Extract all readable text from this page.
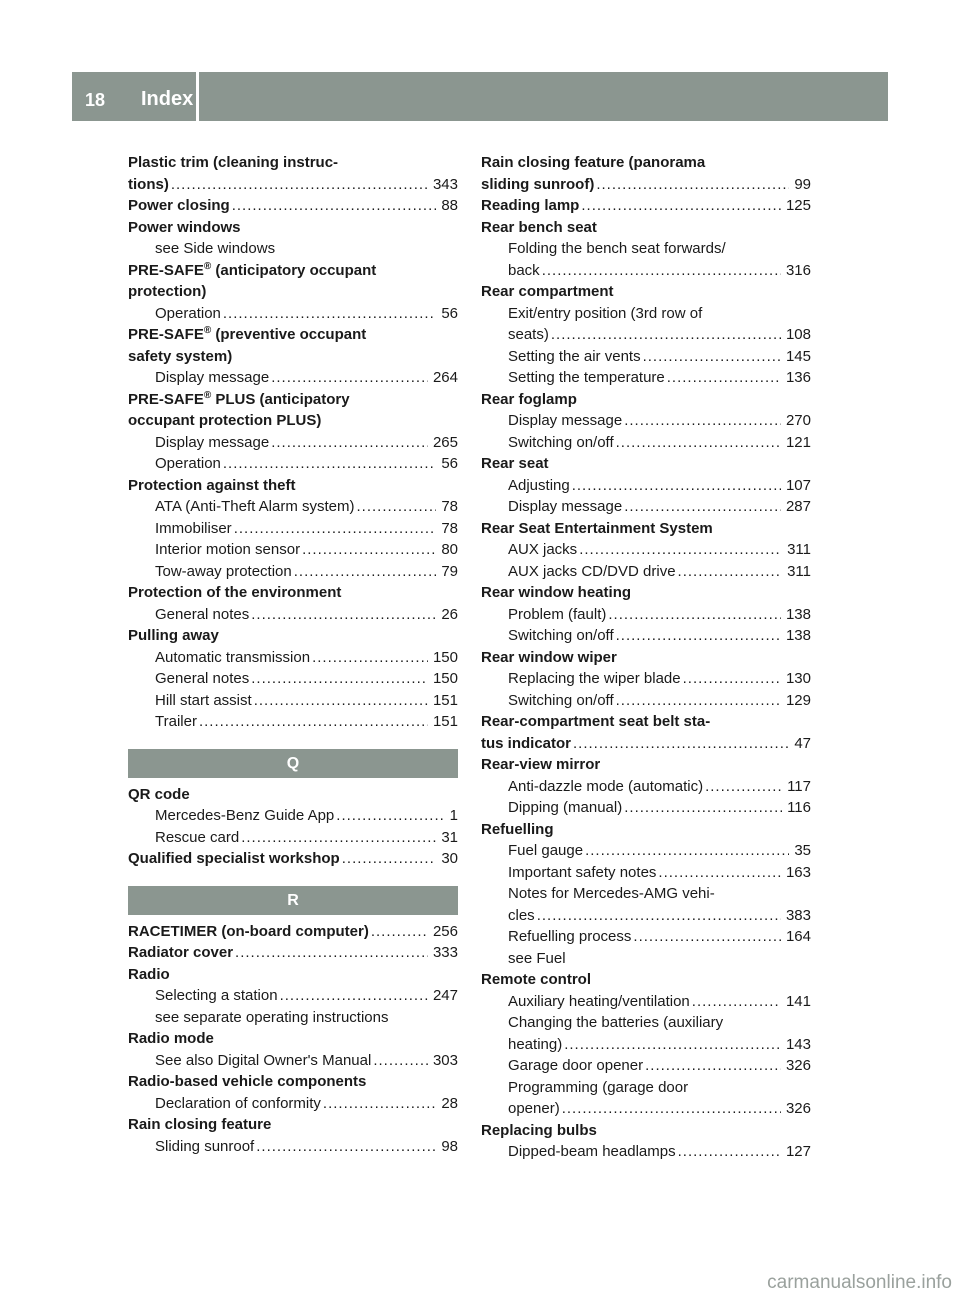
18 Index
Plastic trim (cleaning instruc-
tions) .....	343
Power closing .....	88
Power windows
see Side windows
PRE-SAFE® (anticipatory occupant
protection)
Operation .....	56
PRE-SAFE® (preventive occupant
safety system)
Display message .....	264
PRE-SAFE® PLUS (anticipatory
occupant protection PLUS)
Display message .....	265
Operation .....	56
Protection against theft
ATA (Anti-Theft Alarm system) .....	78
Immobiliser .....	78
Interior motion sensor .....	80
Tow-away protection .....	79
Protection of the environment
General notes .....	26
Pulling away
Automatic transmission .....	150
General notes .....	150
Hill start assist .....	151
Trailer .....	151
Q
QR code
Mercedes-Benz Guide App .....	1
Rescue card .....	31
Qualified specialist workshop .....	30
R
RACETIMER (on-board computer) .....	256
Radiator cover .....	333
Radio
Selecting a station .....	247
see separate operating instructions
Radio mode
See also Digital Owner's Manual .....	303
Radio-based vehicle components
Declaration of conformity .....	28
Rain closing feature
Sliding sunroof .....	98
Rain closing feature (panorama
sliding sunroof) .....	99
Reading lamp .....	125
Rear bench seat
Folding the bench seat forwards/
back .....	316
Rear compartment
Exit/entry position (3rd row of
seats) .....	108
Setting the air vents .....	145
Setting the temperature .....	136
Rear foglamp
Display message .....	270
Switching on/off .....	121
Rear seat
Adjusting .....	107
Display message .....	287
Rear Seat Entertainment System
AUX jacks .....	311
AUX jacks CD/DVD drive .....	311
Rear window heating
Problem (fault) .....	138
Switching on/off .....	138
Rear window wiper
Replacing the wiper blade .....	130
Switching on/off .....	129
Rear-compartment seat belt sta-
tus indicator .....	47
Rear-view mirror
Anti-dazzle mode (automatic) .....	117
Dipping (manual) .....	116
Refuelling
Fuel gauge .....	35
Important safety notes .....	163
Notes for Mercedes-AMG vehi-
cles .....	383
Refuelling process .....	164
see Fuel
Remote control
Auxiliary heating/ventilation .....	141
Changing the batteries (auxiliary
heating) .....	143
Garage door opener .....	326
Programming (garage door
opener) .....	326
Replacing bulbs
Dipped-beam headlamps .....	127
carmanualsonline.info
